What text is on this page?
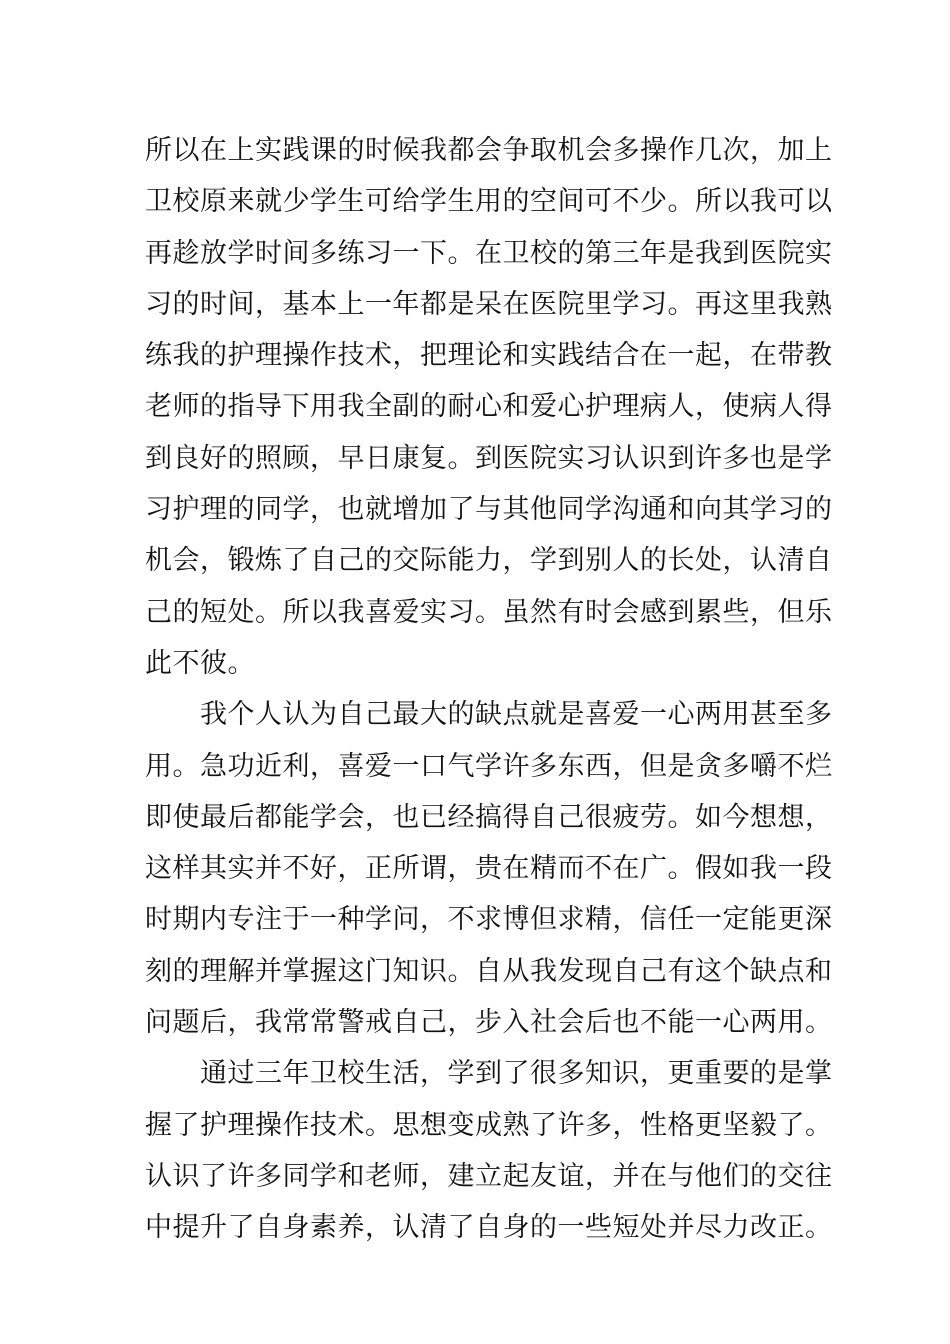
所以在上实践课的时候我都会争取机会多操作几次，加上
卫校原来就少学生可给学生用的空间可不少。所以我可以
再趁放学时间多练习一下。在卫校的第三年是我到医院实
习的时间，基本上一年都是呆在医院里学习。再这里我熟
练我的护理操作技术，把理论和实践结合在一起，在带教
老师的指导下用我全副的耐心和爱心护理病人，使病人得
到良好的照顾，早日康复。到医院实习认识到许多也是学
习护理的同学，也就增加了与其他同学沟通和向其学习的
机会，锻炼了自己的交际能力，学到别人的长处，认清自
己的短处。所以我喜爱实习。虽然有时会感到累些，但乐
此不彼。
我个人认为自己最大的缺点就是喜爱一心两用甚至多
用。急功近利，喜爱一口气学许多东西，但是贪多嚼不烂
即使最后都能学会，也已经搞得自己很疲劳。如今想想，
这样其实并不好，正所谓，贵在精而不在广。假如我一段
时期内专注于一种学问，不求博但求精，信任一定能更深
刻的理解并掌握这门知识。自从我发现自己有这个缺点和
问题后，我常常警戒自己，步入社会后也不能一心两用。
通过三年卫校生活，学到了很多知识，更重要的是掌
握了护理操作技术。思想变成熟了许多，性格更坚毅了。
认识了许多同学和老师，建立起友谊，并在与他们的交往
中提升了自身素养，认清了自身的一些短处并尽力改正。
